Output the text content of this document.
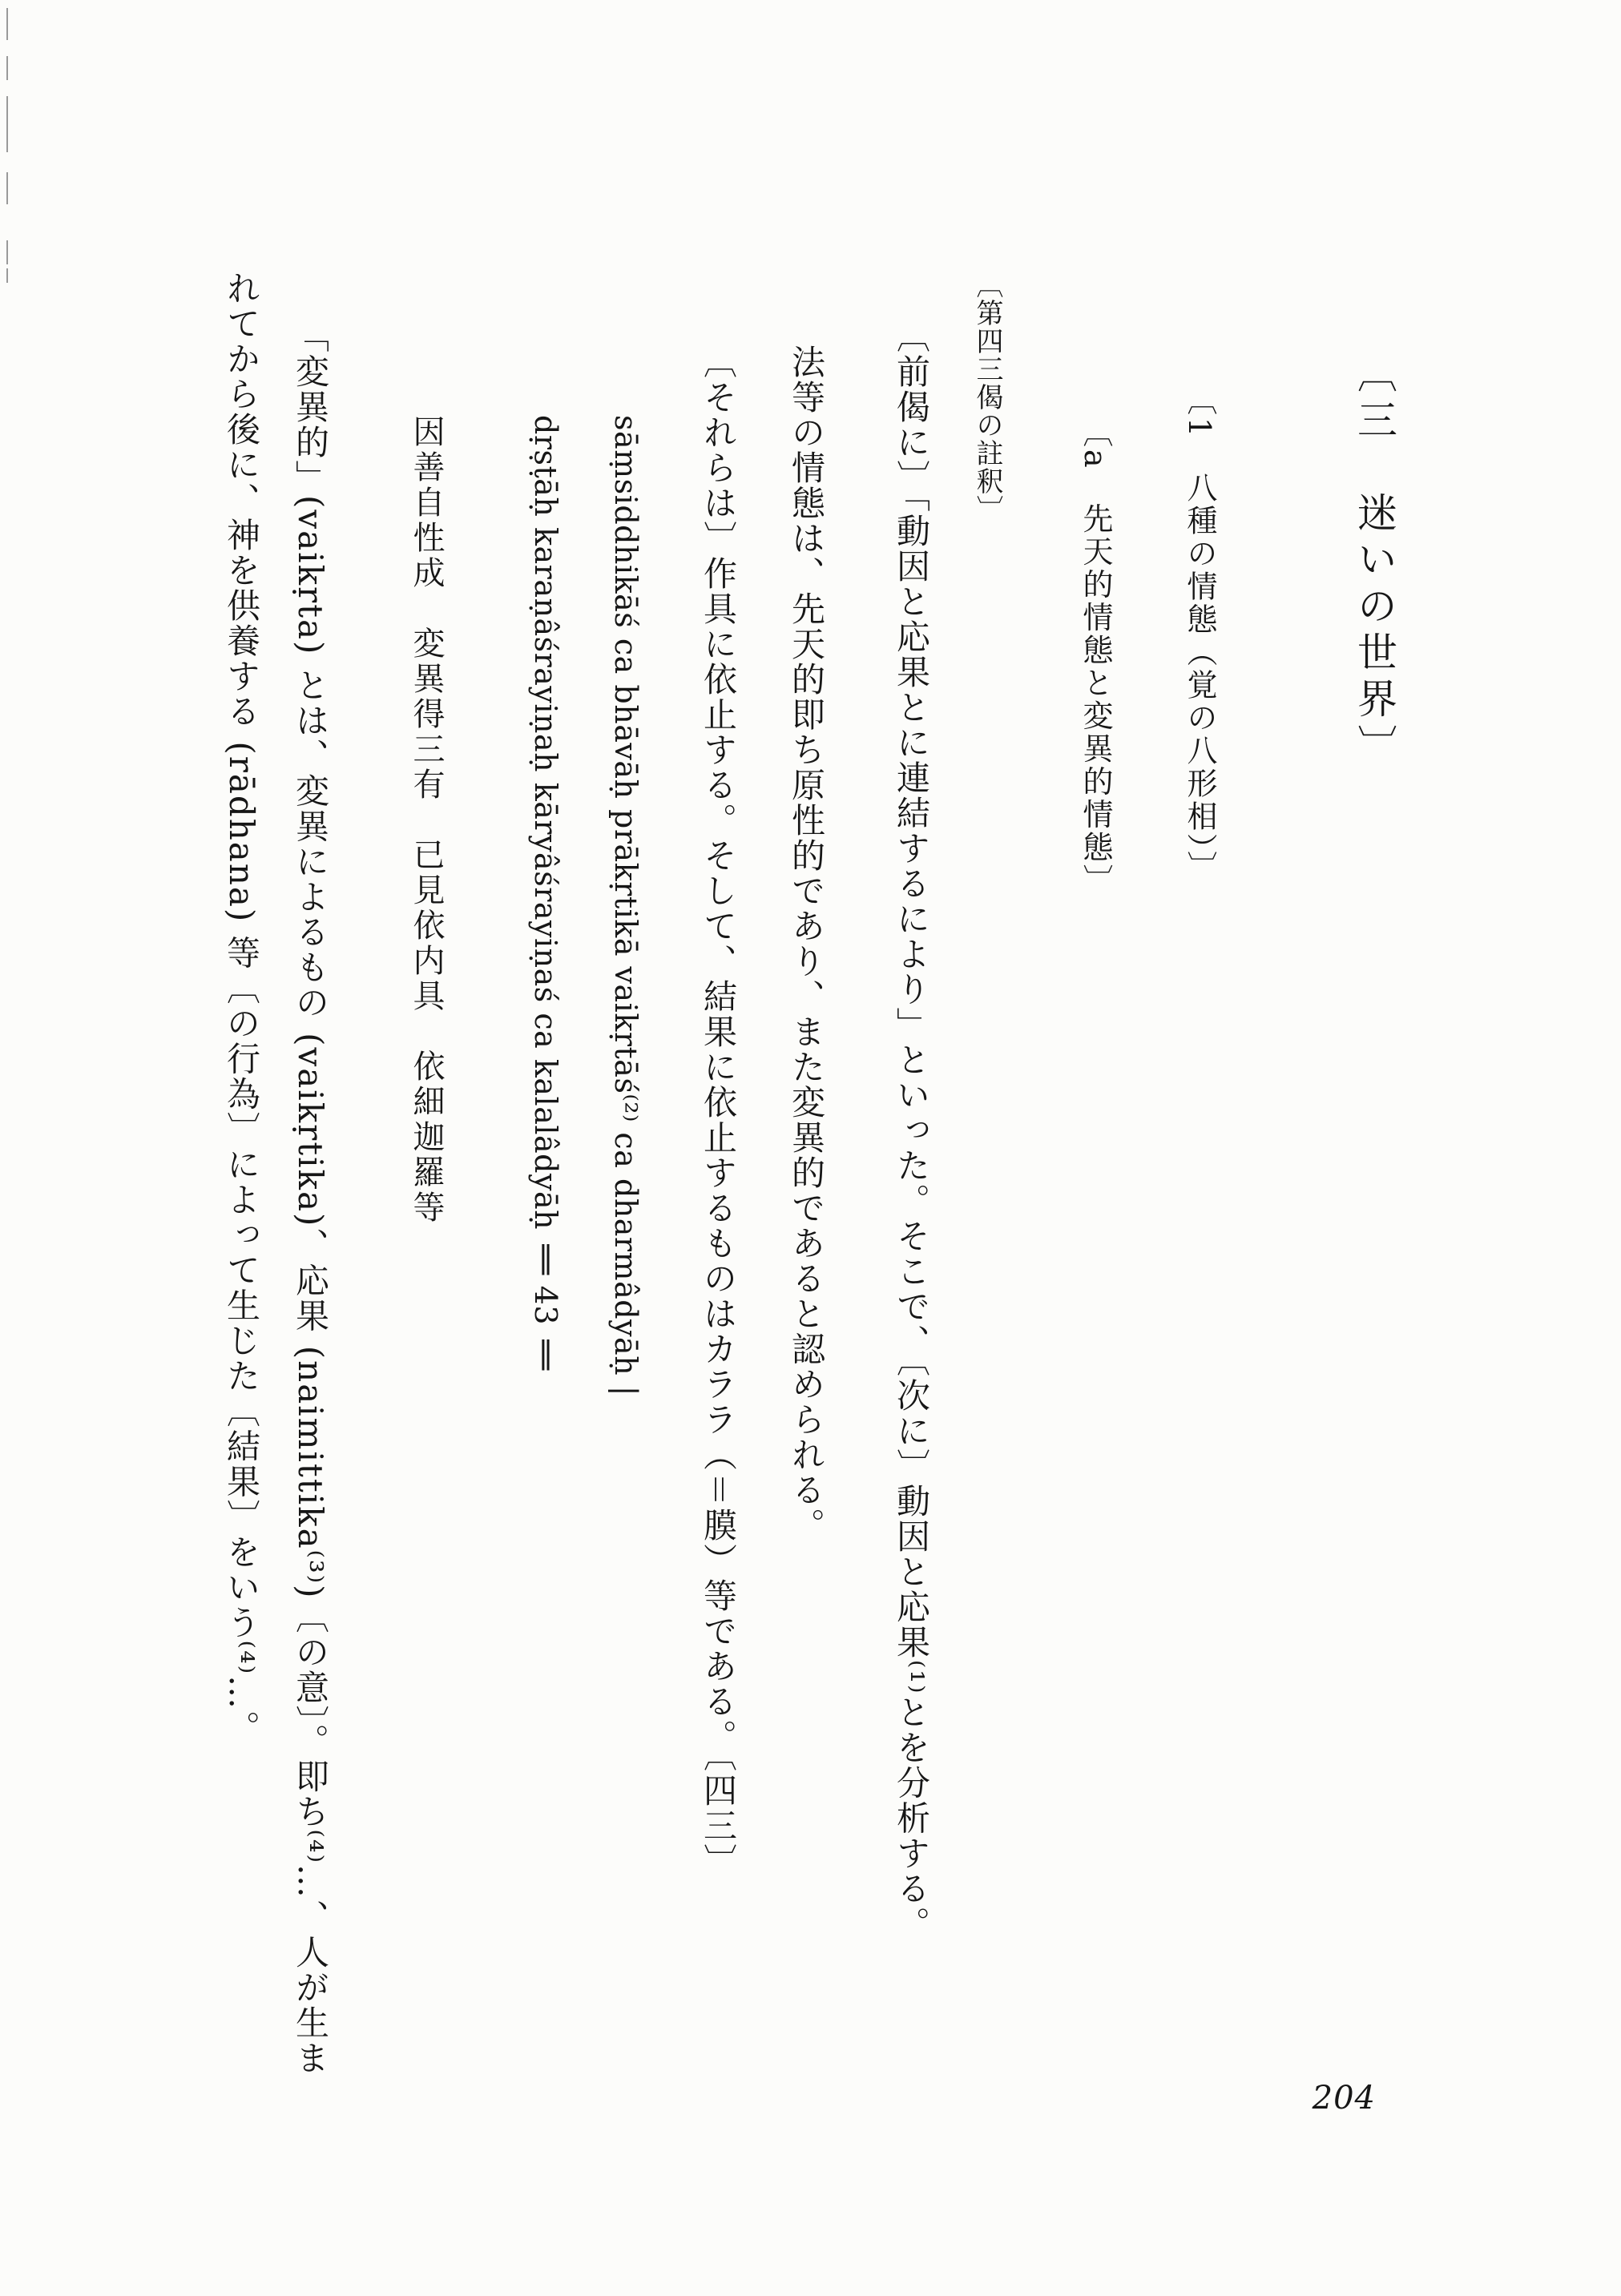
〔三　迷いの世界〕
〔1　八種の情態（覚の八形相）〕
〔a　先天的情態と変異的情態〕
〔第四三偈の註釈〕
〔前偈に〕「動因と応果とに連結するにより」といった。そこで、〔次に〕動因と応果⁽¹⁾とを分析する。
法等の情態は、先天的即ち原性的であり、また変異的であると認められる。
〔それらは〕作具に依止する。そして、結果に依止するものはカララ（＝膜）等である。〔四三〕
sāṃsiddhikāś ca bhāvāḥ prākṛtikā vaikṛtāś⁽²⁾ ca dharmâdyāḥ |
dṛṣṭāḥ karaṇâśrayiṇaḥ kāryâśrayiṇaś ca kalalâdyāḥ ‖ 43 ‖
因善自性成　変異得三有　已見依内具　依細迦羅等
「変異的」(vaikṛta) とは、変異によるもの (vaikṛtika)、応果 (naimittika⁽³⁾)〔の意〕。即ち⁽⁴⁾…、人が生ま
れてから後に、神を供養する (rādhana) 等〔の行為〕によって生じた〔結果〕をいう⁽⁴⁾…。
204
